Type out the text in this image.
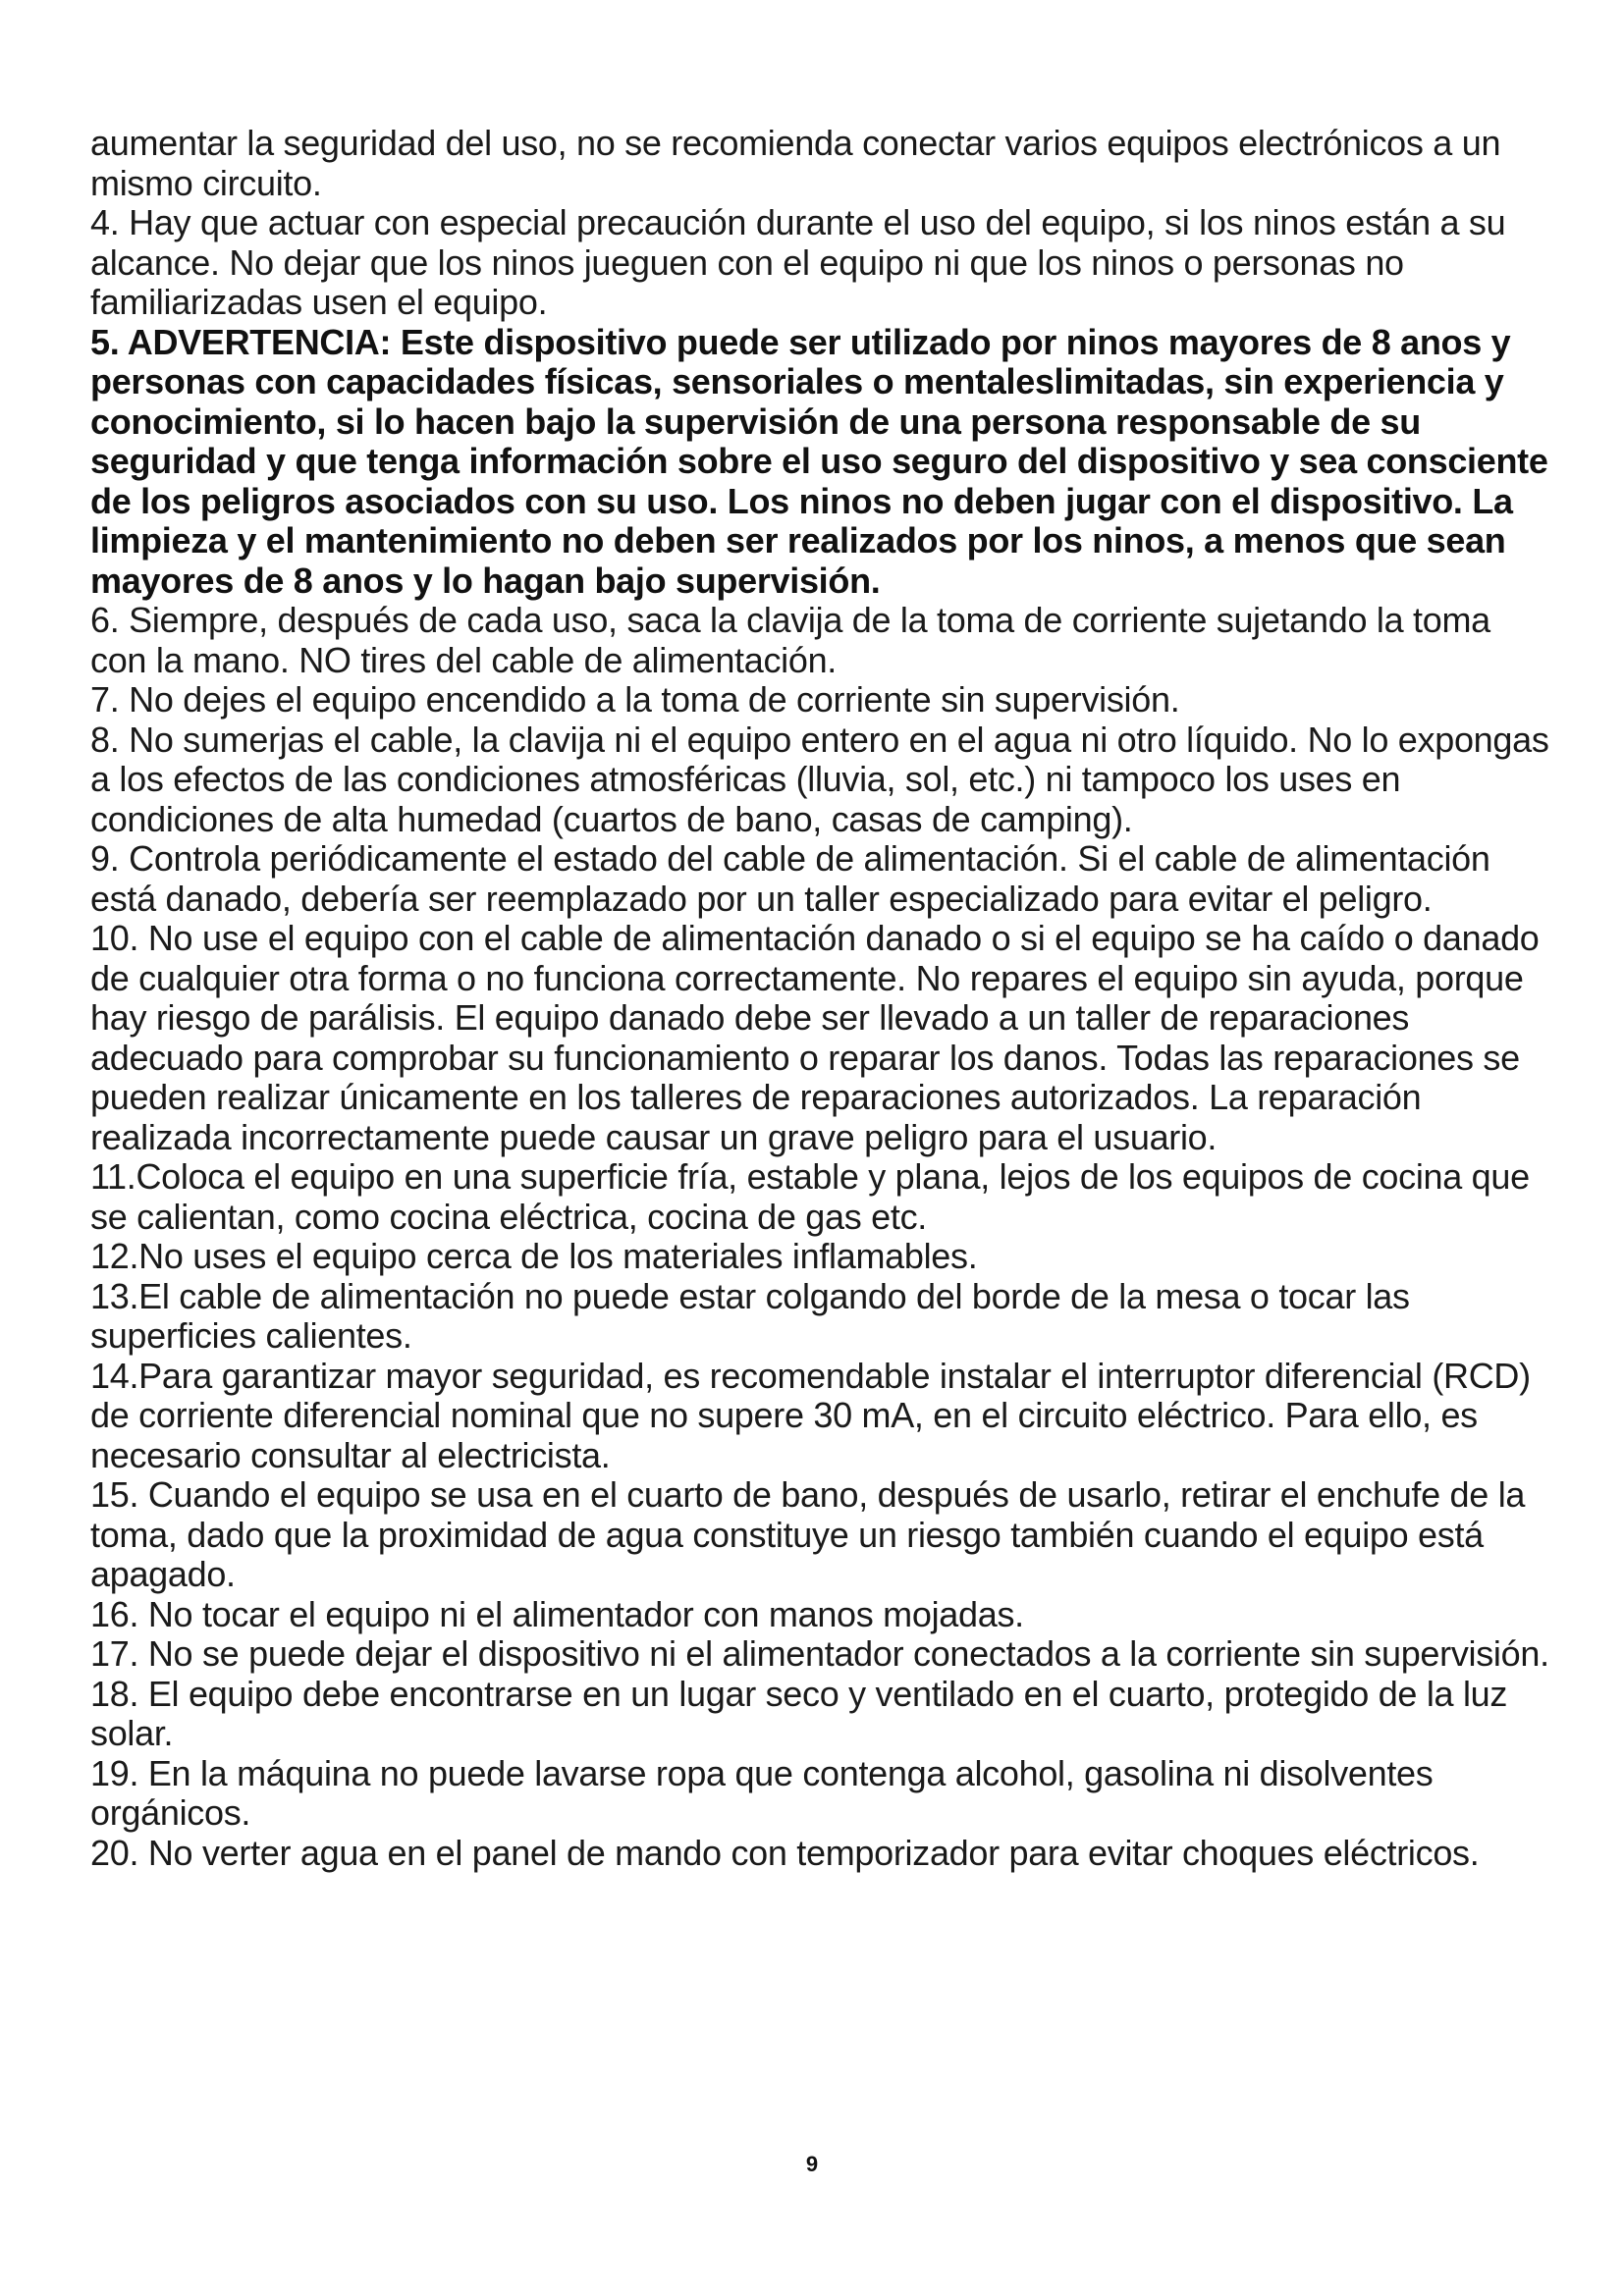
aumentar la seguridad del uso, no se recomienda conectar varios equipos electrónicos a un mismo circuito.

4. Hay que actuar con especial precaución durante el uso del equipo, si los ninos están a su alcance. No dejar que los ninos jueguen con el equipo ni que los ninos o personas no familiarizadas usen el equipo.

5. ADVERTENCIA: Este dispositivo puede ser utilizado por ninos mayores de 8 anos y personas con capacidades físicas, sensoriales o mentaleslimitadas, sin experiencia y conocimiento, si lo hacen bajo la supervisión de una persona responsable de su seguridad y que tenga información sobre el uso seguro del dispositivo y sea consciente de los peligros asociados con su uso. Los ninos no deben jugar con el dispositivo. La limpieza y el mantenimiento no deben ser realizados por los ninos, a menos que sean mayores de 8 anos y lo hagan bajo supervisión.

6. Siempre, después de cada uso, saca la clavija de la toma de corriente sujetando la toma con la mano. NO tires del cable de alimentación.

7. No dejes el equipo encendido a la toma de corriente sin supervisión.

8. No sumerjas el cable, la clavija ni el equipo entero en el agua ni otro líquido. No lo expongas a los efectos de las condiciones atmosféricas (lluvia, sol, etc.) ni tampoco los uses en condiciones de alta humedad (cuartos de bano, casas de camping).

9. Controla periódicamente el estado del cable de alimentación. Si el cable de alimentación está danado, debería ser reemplazado por un taller especializado para evitar el peligro.

10. No use el equipo con el cable de alimentación danado o si el equipo se ha caído o danado de cualquier otra forma o no funciona correctamente. No repares el equipo sin ayuda, porque hay riesgo de parálisis. El equipo danado debe ser llevado a un taller de reparaciones adecuado para comprobar su funcionamiento o reparar los danos. Todas las reparaciones se pueden realizar únicamente en los talleres de reparaciones autorizados. La reparación realizada incorrectamente puede causar un grave peligro para el usuario.

11.Coloca el equipo en una superficie fría, estable y plana, lejos de los equipos de cocina que se calientan, como cocina eléctrica, cocina de gas etc.

12.No uses el equipo cerca de los materiales inflamables.

13.El cable de alimentación no puede estar colgando del borde de la mesa o tocar las superficies calientes.

14.Para garantizar mayor seguridad, es recomendable instalar el interruptor diferencial (RCD) de corriente diferencial nominal que no supere 30 mA, en el circuito eléctrico. Para ello, es necesario consultar al electricista.

15. Cuando el equipo se usa en el cuarto de bano, después de usarlo, retirar el enchufe de la toma, dado que la proximidad de agua constituye un riesgo también cuando el equipo está apagado.

16. No tocar el equipo ni el alimentador con manos mojadas.

17. No se puede dejar el dispositivo ni el alimentador conectados a la corriente sin supervisión.

18. El equipo debe encontrarse en un lugar seco y ventilado en el cuarto, protegido de la luz solar.

19. En la máquina no puede lavarse ropa que contenga alcohol, gasolina ni disolventes orgánicos.

20. No verter agua en el panel de mando con temporizador para evitar choques eléctricos.

9
